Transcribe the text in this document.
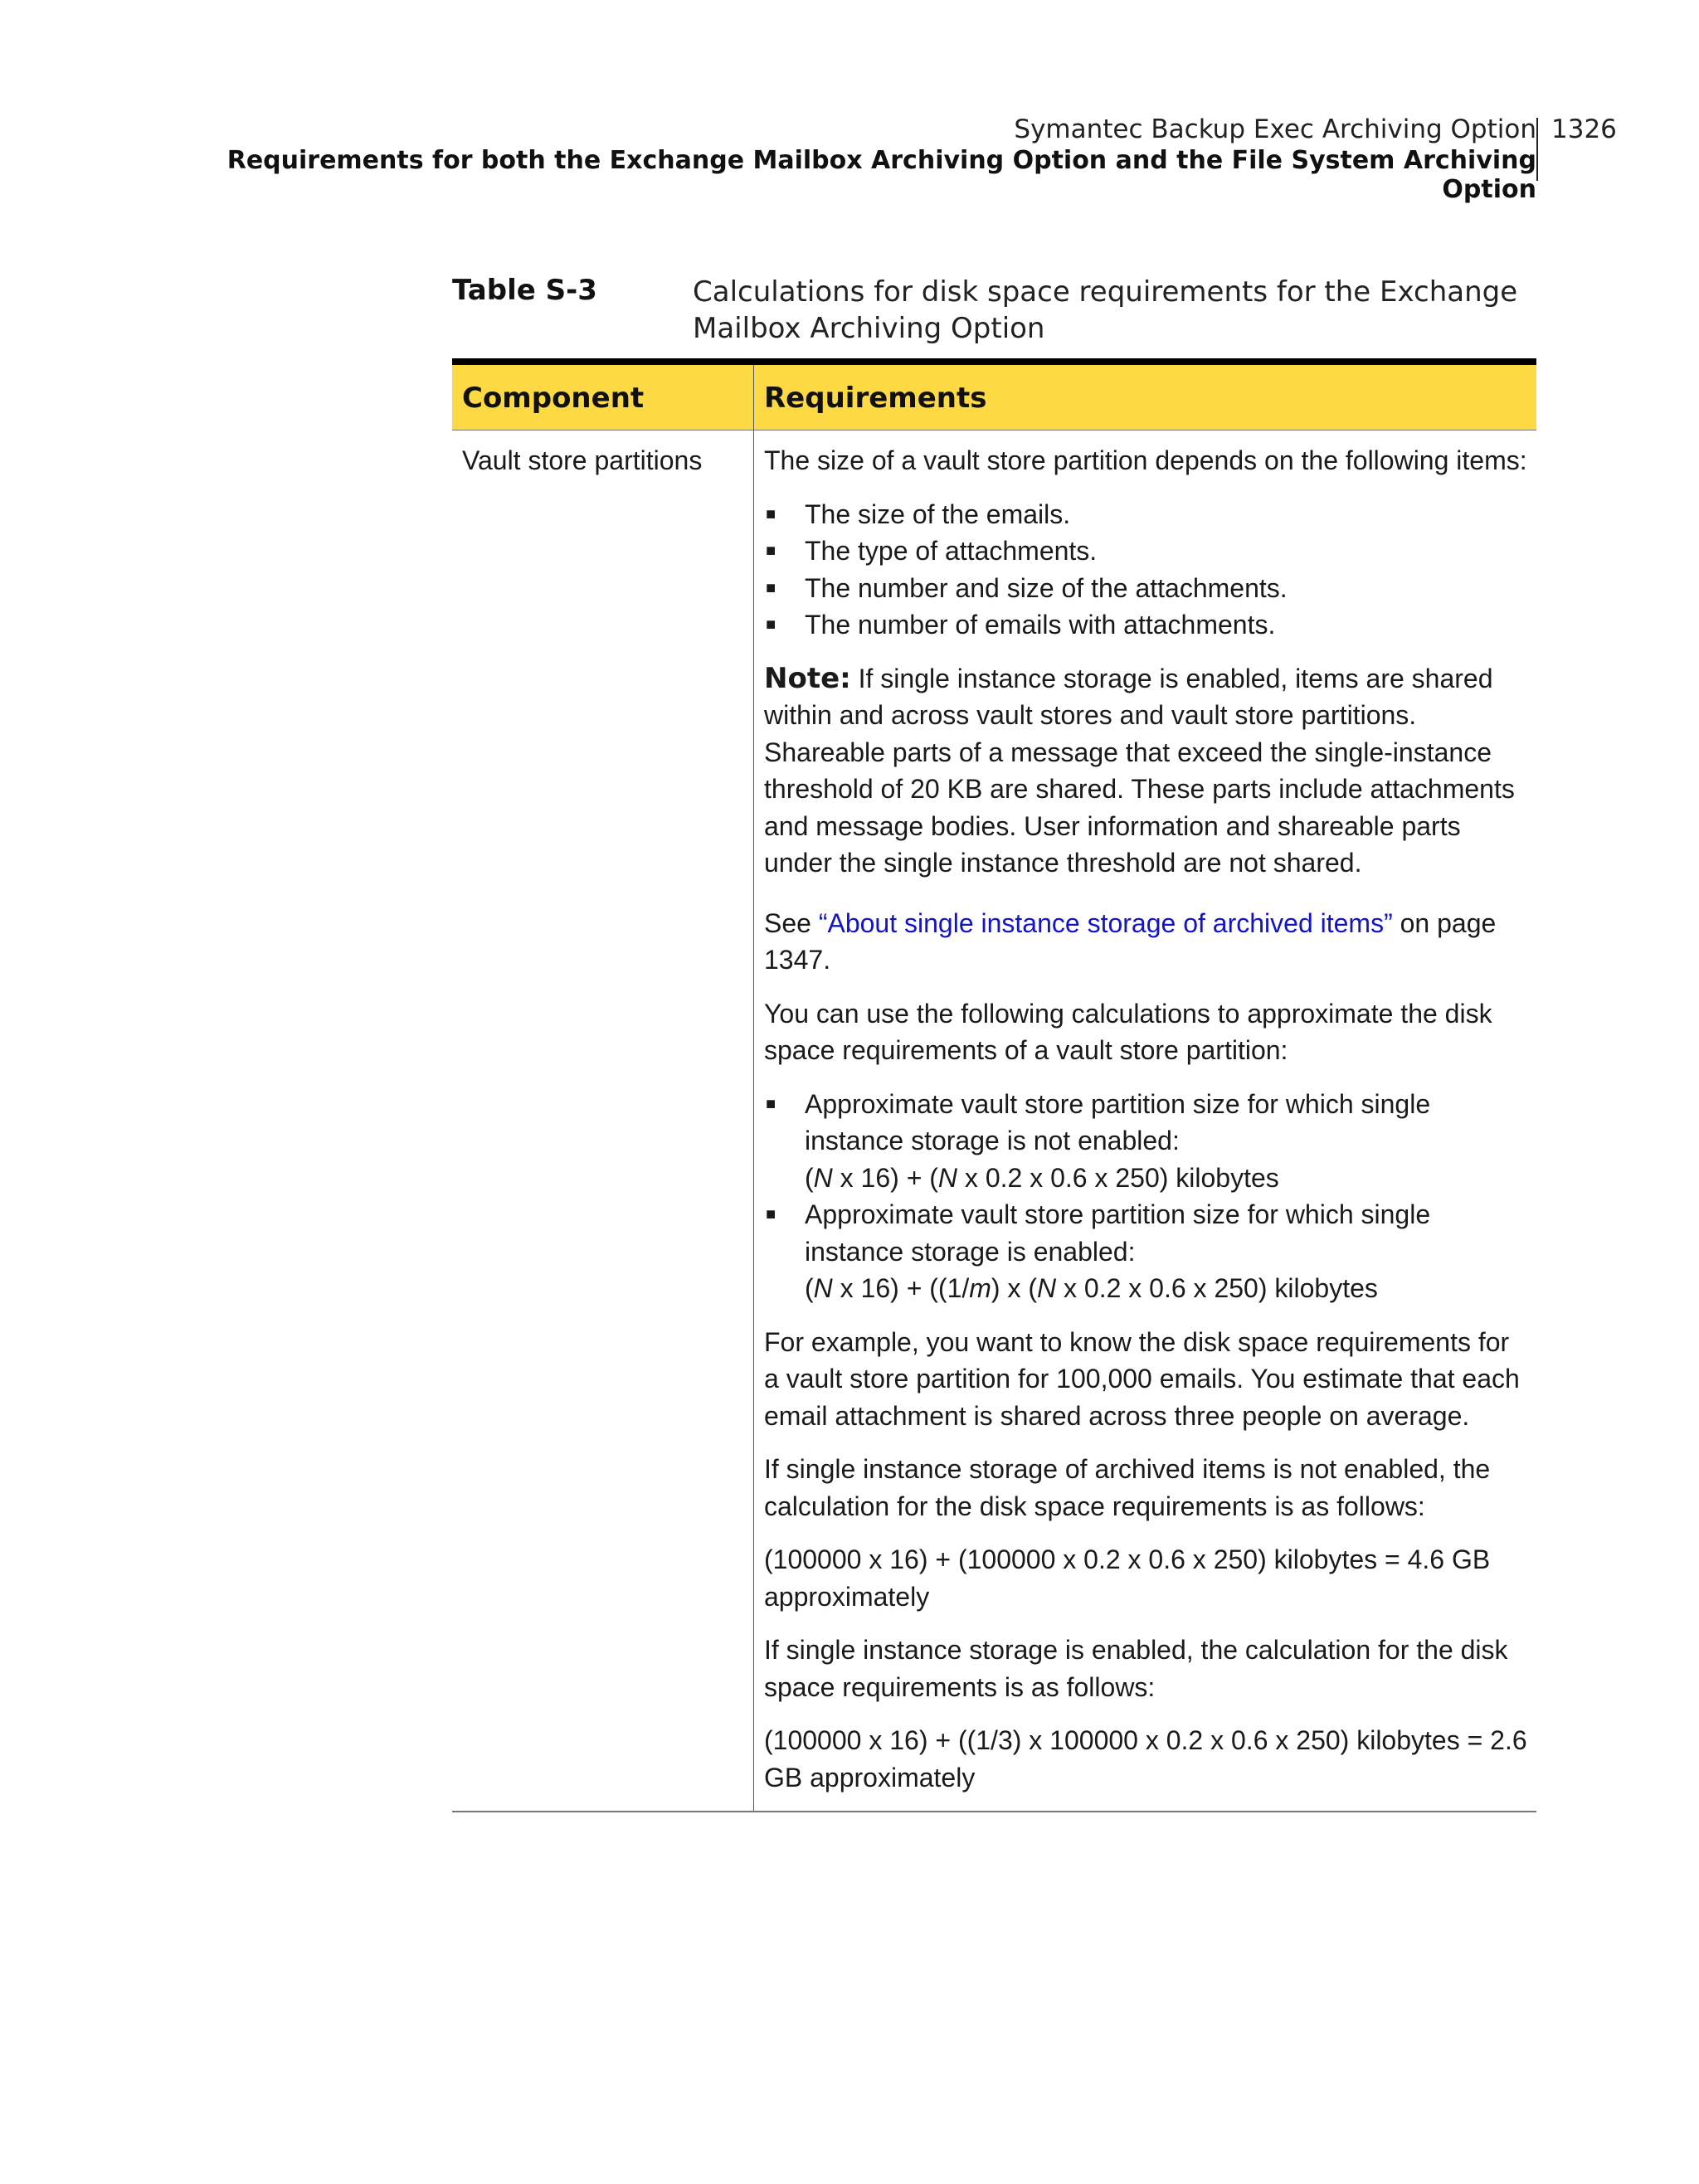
Symantec Backup Exec Archiving Option
Requirements for both the Exchange Mailbox Archiving Option and the File System Archiving Option
1326
Table S-3	Calculations for disk space requirements for the Exchange Mailbox Archiving Option
Component	Requirements
Vault store partitions	The size of a vault store partition depends on the following items:

■ The size of the emails.
■ The type of attachments.
■ The number and size of the attachments.
■ The number of emails with attachments.

Note: If single instance storage is enabled, items are shared within and across vault stores and vault store partitions. Shareable parts of a message that exceed the single-instance threshold of 20 KB are shared. These parts include attachments and message bodies. User information and shareable parts under the single instance threshold are not shared.

See “About single instance storage of archived items” on page 1347.

You can use the following calculations to approximate the disk space requirements of a vault store partition:

■ Approximate vault store partition size for which single instance storage is not enabled:
(N x 16) + (N x 0.2 x 0.6 x 250) kilobytes
■ Approximate vault store partition size for which single instance storage is enabled:
(N x 16) + ((1/m) x (N x 0.2 x 0.6 x 250) kilobytes

For example, you want to know the disk space requirements for a vault store partition for 100,000 emails. You estimate that each email attachment is shared across three people on average.

If single instance storage of archived items is not enabled, the calculation for the disk space requirements is as follows:

(100000 x 16) + (100000 x 0.2 x 0.6 x 250) kilobytes = 4.6 GB approximately

If single instance storage is enabled, the calculation for the disk space requirements is as follows:

(100000 x 16) + ((1/3) x 100000 x 0.2 x 0.6 x 250) kilobytes = 2.6 GB approximately
